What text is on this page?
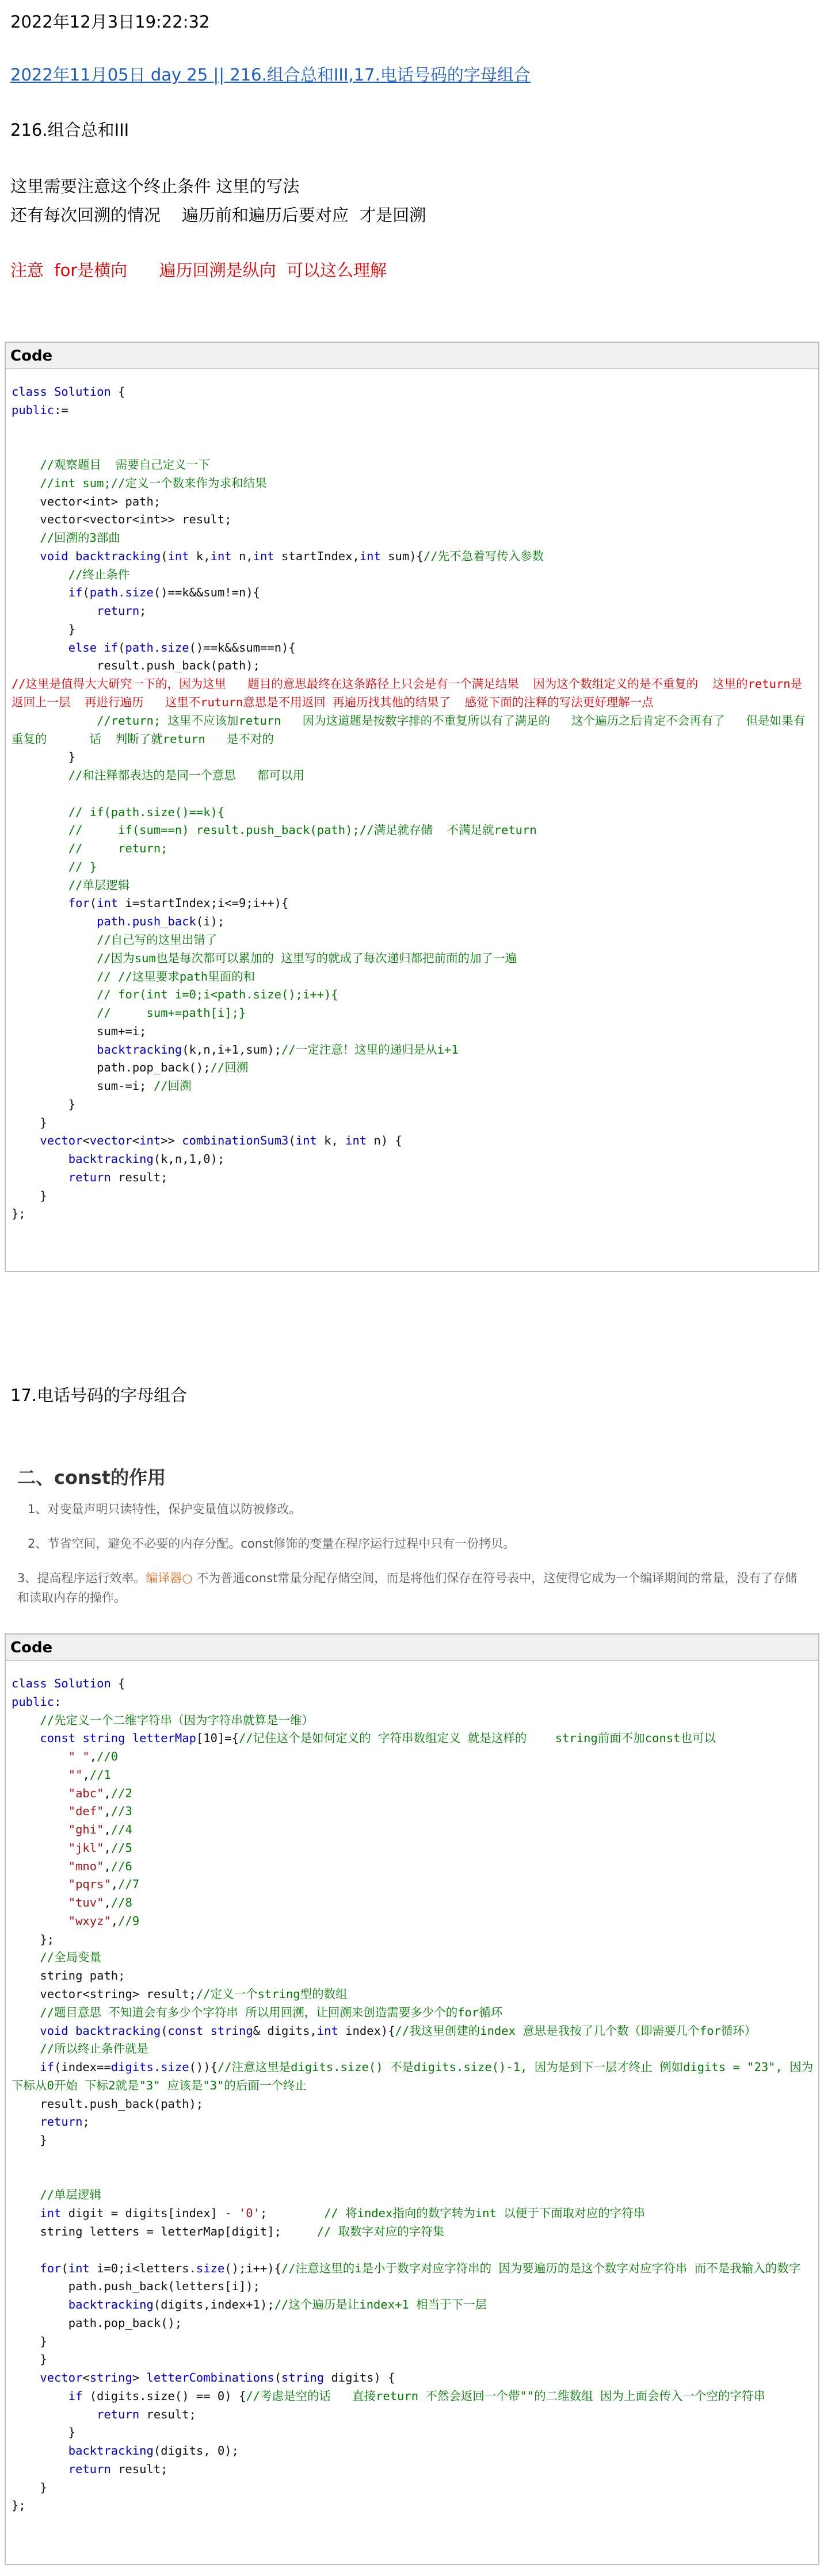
2022年12月3日19:22:32
2022年11月05日 day 25 || 216.组合总和III,17.电话号码的字母组合
216.组合总和III
这里需要注意这个终止条件 这里的写法
还有每次回溯的情况    遍历前和遍历后要对应  才是回溯
注意  for是横向      遍历回溯是纵向  可以这么理解
Code
class Solution {
public:=

//观察题目  需要自己定义一下
//int sum;//定义一个数来作为求和结果
vector<int> path;
vector<vector<int>> result;
//回溯的3部曲
void backtracking(int k,int n,int startIndex,int sum){//先不急着写传入参数
//终止条件
if(path.size()==k&&sum!=n){
return;
}
else if(path.size()==k&&sum==n){
result.push_back(path);
//这里是值得大大研究一下的，因为这里   题目的意思最终在这条路径上只会是有一个满足结果  因为这个数组定义的是不重复的  这里的return是返回上一层  再进行遍历   这里不ruturn意思是不用返回 再遍历找其他的结果了  感觉下面的注释的写法更好理解一点
//return; 这里不应该加return   因为这道题是按数字排的不重复所以有了满足的   这个遍历之后肯定不会再有了   但是如果有重复的      话  判断了就return   是不对的
}
//和注释都表达的是同一个意思   都可以用

// if(path.size()==k){
//     if(sum==n) result.push_back(path);//满足就存储  不满足就return
//     return;
// }
//单层逻辑
for(int i=startIndex;i<=9;i++){
path.push_back(i);
//自己写的这里出错了
//因为sum也是每次都可以累加的 这里写的就成了每次递归都把前面的加了一遍
// //这里要求path里面的和
// for(int i=0;i<path.size();i++){
//     sum+=path[i];}
sum+=i;
backtracking(k,n,i+1,sum);//一定注意！这里的递归是从i+1
path.pop_back();//回溯
sum-=i; //回溯
}
}
vector<vector<int>> combinationSum3(int k, int n) {
backtracking(k,n,1,0);
return result;
}
};
17.电话号码的字母组合
二、const的作用
1、对变量声明只读特性，保护变量值以防被修改。
2、节省空间，避免不必要的内存分配。const修饰的变量在程序运行过程中只有一份拷贝。
3、提高程序运行效率。编译器○ 不为普通const常量分配存储空间，而是将他们保存在符号表中，这使得它成为一个编译期间的常量，没有了存储和读取内存的操作。
Code
class Solution {
public:
//先定义一个二维字符串（因为字符串就算是一维）
const string letterMap[10]={//记住这个是如何定义的 字符串数组定义 就是这样的    string前面不加const也可以
" ",//0
"",//1
"abc",//2
"def",//3
"ghi",//4
"jkl",//5
"mno",//6
"pqrs",//7
"tuv",//8
"wxyz",//9
};
//全局变量
string path;
vector<string> result;//定义一个string型的数组
//题目意思 不知道会有多少个字符串 所以用回溯，让回溯来创造需要多少个的for循环
void backtracking(const string& digits,int index){//我这里创建的index 意思是我按了几个数（即需要几个for循环）
//所以终止条件就是
if(index==digits.size()){//注意这里是digits.size() 不是digits.size()-1, 因为是到下一层才终止 例如digits = "23", 因为下标从0开始 下标2就是"3" 应该是"3"的后面一个终止
result.push_back(path);
return;
}

//单层逻辑
int digit = digits[index] - '0';        // 将index指向的数字转为int 以便于下面取对应的字符串
string letters = letterMap[digit];     // 取数字对应的字符集

for(int i=0;i<letters.size();i++){//注意这里的i是小于数字对应字符串的 因为要遍历的是这个数字对应字符串 而不是我输入的数字
path.push_back(letters[i]);
backtracking(digits,index+1);//这个遍历是让index+1 相当于下一层
path.pop_back();
}
}
vector<string> letterCombinations(string digits) {
if (digits.size() == 0) {//考虑是空的话   直接return 不然会返回一个带""的二维数组 因为上面会传入一个空的字符串
return result;
}
backtracking(digits, 0);
return result;
}
};
